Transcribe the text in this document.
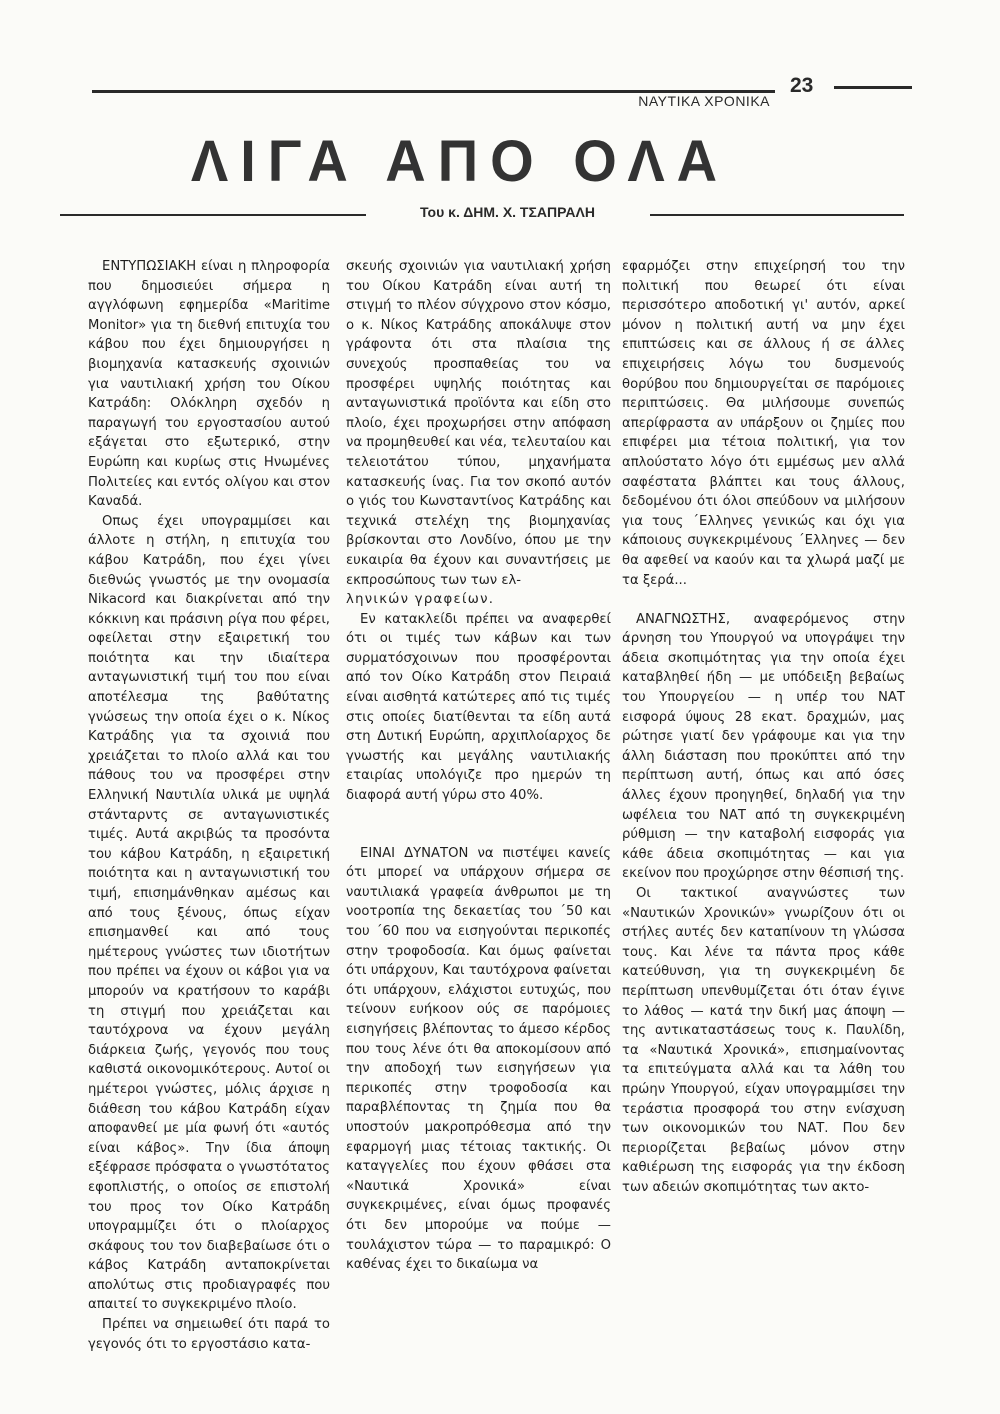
23
ΝΑΥΤΙΚΑ ΧΡΟΝΙΚΑ
ΛΙΓΑ ΑΠΟ ΟΛΑ
Του κ. ΔΗΜ. Χ. ΤΣΑΠΡΑΛΗ

ΕΝΤΥΠΩΣΙΑΚΗ είναι η πληροφορία που δημοσιεύει σήμερα η αγγλόφωνη εφημερίδα «Maritime Monitor» για τη διεθνή επιτυχία του κάβου που έχει δημιουργήσει η βιομηχανία κατασκευής σχοινιών για ναυτιλιακή χρήση του Οίκου Κατράδη: Ολόκληρη σχεδόν η παραγωγή του εργοστασίου αυτού εξάγεται στο εξωτερικό, στην Ευρώπη και κυρίως στις Ηνωμένες Πολιτείες και εντός ολίγου και στον Καναδά.

Οπως έχει υπογραμμίσει και άλλοτε η στήλη, η επιτυχία του κάβου Κατράδη, που έχει γίνει διεθνώς γνωστός με την ονομασία Nikacord και διακρίνεται από την κόκκινη και πράσινη ρίγα που φέρει, οφείλεται στην εξαιρετική του ποιότητα και την ιδιαίτερα ανταγωνιστική τιμή του που είναι αποτέλεσμα της βαθύτατης γνώσεως την οποία έχει ο κ. Νίκος Κατράδης για τα σχοινιά που χρειάζεται το πλοίο αλλά και του πάθους του να προσφέρει στην Ελληνική Ναυτιλία υλικά με υψηλά στάνταρντς σε ανταγωνιστικές τιμές. Αυτά ακριβώς τα προσόντα του κάβου Κατράδη, η εξαιρετική ποιότητα και η ανταγωνιστική του τιμή, επισημάνθηκαν αμέσως και από τους ξένους, όπως είχαν επισημανθεί και από τους ημέτερους γνώστες των ιδιοτήτων που πρέπει να έχουν οι κάβοι για να μπορούν να κρατήσουν το καράβι τη στιγμή που χρειάζεται και ταυτόχρονα να έχουν μεγάλη διάρκεια ζωής, γεγονός που τους καθιστά οικονομικότερους. Αυτοί οι ημέτεροι γνώστες, μόλις άρχισε η διάθεση του κάβου Κατράδη είχαν αποφανθεί με μία φωνή ότι «αυτός είναι κάβος». Την ίδια άποψη εξέφρασε πρόσφατα ο γνωστότατος εφοπλιστής, ο οποίος σε επιστολή του προς τον Οίκο Κατράδη υπογραμμίζει ότι ο πλοίαρχος σκάφους του τον διαβεβαίωσε ότι ο κάβος Κατράδη ανταποκρίνεται απολύτως στις προδιαγραφές που απαιτεί το συγκεκριμένο πλοίο.

Πρέπει να σημειωθεί ότι παρά το γεγονός ότι το εργοστάσιο κατα-

σκευής σχοινιών για ναυτιλιακή χρήση του Οίκου Κατράδη είναι αυτή τη στιγμή το πλέον σύγχρονο στον κόσμο, ο κ. Νίκος Κατράδης αποκάλυψε στον γράφοντα ότι στα πλαίσια της συνεχούς προσπαθείας του να προσφέρει υψηλής ποιότητας και ανταγωνιστικά προϊόντα και είδη στο πλοίο, έχει προχωρήσει στην απόφαση να προμηθευθεί και νέα, τελευταίου και τελειοτάτου τύπου, μηχανήματα κατασκευής ίνας. Για τον σκοπό αυτόν ο γιός του Κωνσταντίνος Κατράδης και τεχνικά στελέχη της βιομηχανίας βρίσκονται στο Λονδίνο, όπου με την ευκαιρία θα έχουν και συναντήσεις με εκπροσώπους των των ελ-

ληνικών γραφείων.

Εν κατακλείδι πρέπει να αναφερθεί ότι οι τιμές των κάβων και των συρματόσχοινων που προσφέρονται από τον Οίκο Κατράδη στον Πειραιά είναι αισθητά κατώτερες από τις τιμές στις οποίες διατίθενται τα είδη αυτά στη Δυτική Ευρώπη, αρχιπλοίαρχος δε γνωστής και μεγάλης ναυτιλιακής εταιρίας υπολόγιζε προ ημερών τη διαφορά αυτή γύρω στο 40%.

ΕΙΝΑΙ ΔΥΝΑΤΟΝ να πιστέψει κανείς ότι μπορεί να υπάρχουν σήμερα σε ναυτιλιακά γραφεία άνθρωποι με τη νοοτροπία της δεκαετίας του ΄50 και του ΄60 που να εισηγούνται περικοπές στην τροφοδοσία. Και όμως φαίνεται ότι υπάρχουν, Και ταυτόχρονα φαίνεται ότι υπάρχουν, ελάχιστοι ευτυχώς, που τείνουν ευήκοον ούς σε παρόμοιες εισηγήσεις βλέποντας το άμεσο κέρδος που τους λένε ότι θα αποκομίσουν από την αποδοχή των εισηγήσεων για περικοπές στην τροφοδοσία και παραβλέποντας τη ζημία που θα υποστούν μακροπρόθεσμα από την εφαρμογή μιας τέτοιας τακτικής. Οι καταγγελίες που έχουν φθάσει στα «Ναυτικά Χρονικά» είναι συγκεκριμένες, είναι όμως προφανές ότι δεν μπορούμε να πούμε — τουλάχιστον τώρα — το παραμικρό: Ο καθένας έχει το δικαίωμα να

εφαρμόζει στην επιχείρησή του την πολιτική που θεωρεί ότι είναι περισσότερο αποδοτική γι' αυτόν, αρκεί μόνον η πολιτική αυτή να μην έχει επιπτώσεις και σε άλλους ή σε άλλες επιχειρήσεις λόγω του δυσμενούς θορύβου που δημιουργείται σε παρόμοιες περιπτώσεις. Θα μιλήσουμε συνεπώς απερίφραστα αν υπάρξουν οι ζημίες που επιφέρει μια τέτοια πολιτική, για τον απλούστατο λόγο ότι εμμέσως μεν αλλά σαφέστατα βλάπτει και τους άλλους, δεδομένου ότι όλοι σπεύδουν να μιλήσουν για τους ΄Ελληνες γενικώς και όχι για κάποιους συγκεκριμένους ΄Ελληνες — δεν θα αφεθεί να καούν και τα χλωρά μαζί με τα ξερά...

ΑΝΑΓΝΩΣΤΗΣ, αναφερόμενος στην άρνηση του Υπουργού να υπογράψει την άδεια σκοπιμότητας για την οποία έχει καταβληθεί ήδη — με υπόδειξη βεβαίως του Υπουργείου — η υπέρ του ΝΑΤ εισφορά ύψους 28 εκατ. δραχμών, μας ρώτησε γιατί δεν γράφουμε και για την άλλη διάσταση που προκύπτει από την περίπτωση αυτή, όπως και από όσες άλλες έχουν προηγηθεί, δηλαδή για την ωφέλεια του ΝΑΤ από τη συγκεκριμένη ρύθμιση — την καταβολή εισφοράς για κάθε άδεια σκοπιμότητας — και για εκείνον που προχώρησε στην θέσπισή της.

Οι τακτικοί αναγνώστες των «Ναυτικών Χρονικών» γνωρίζουν ότι οι στήλες αυτές δεν καταπίνουν τη γλώσσα τους. Και λένε τα πάντα προς κάθε κατεύθυνση, για τη συγκεκριμένη δε περίπτωση υπενθυμίζεται ότι όταν έγινε το λάθος — κατά την δική μας άποψη — της αντικαταστάσεως τους κ. Παυλίδη, τα «Ναυτικά Χρονικά», επισημαίνοντας τα επιτεύγματα αλλά και τα λάθη του πρώην Υπουργού, είχαν υπογραμμίσει την τεράστια προσφορά του στην ενίσχυση των οικονομικών του ΝΑΤ. Που δεν περιορίζεται βεβαίως μόνον στην καθιέρωση της εισφοράς για την έκδοση των αδειών σκοπιμότητας των ακτο-
